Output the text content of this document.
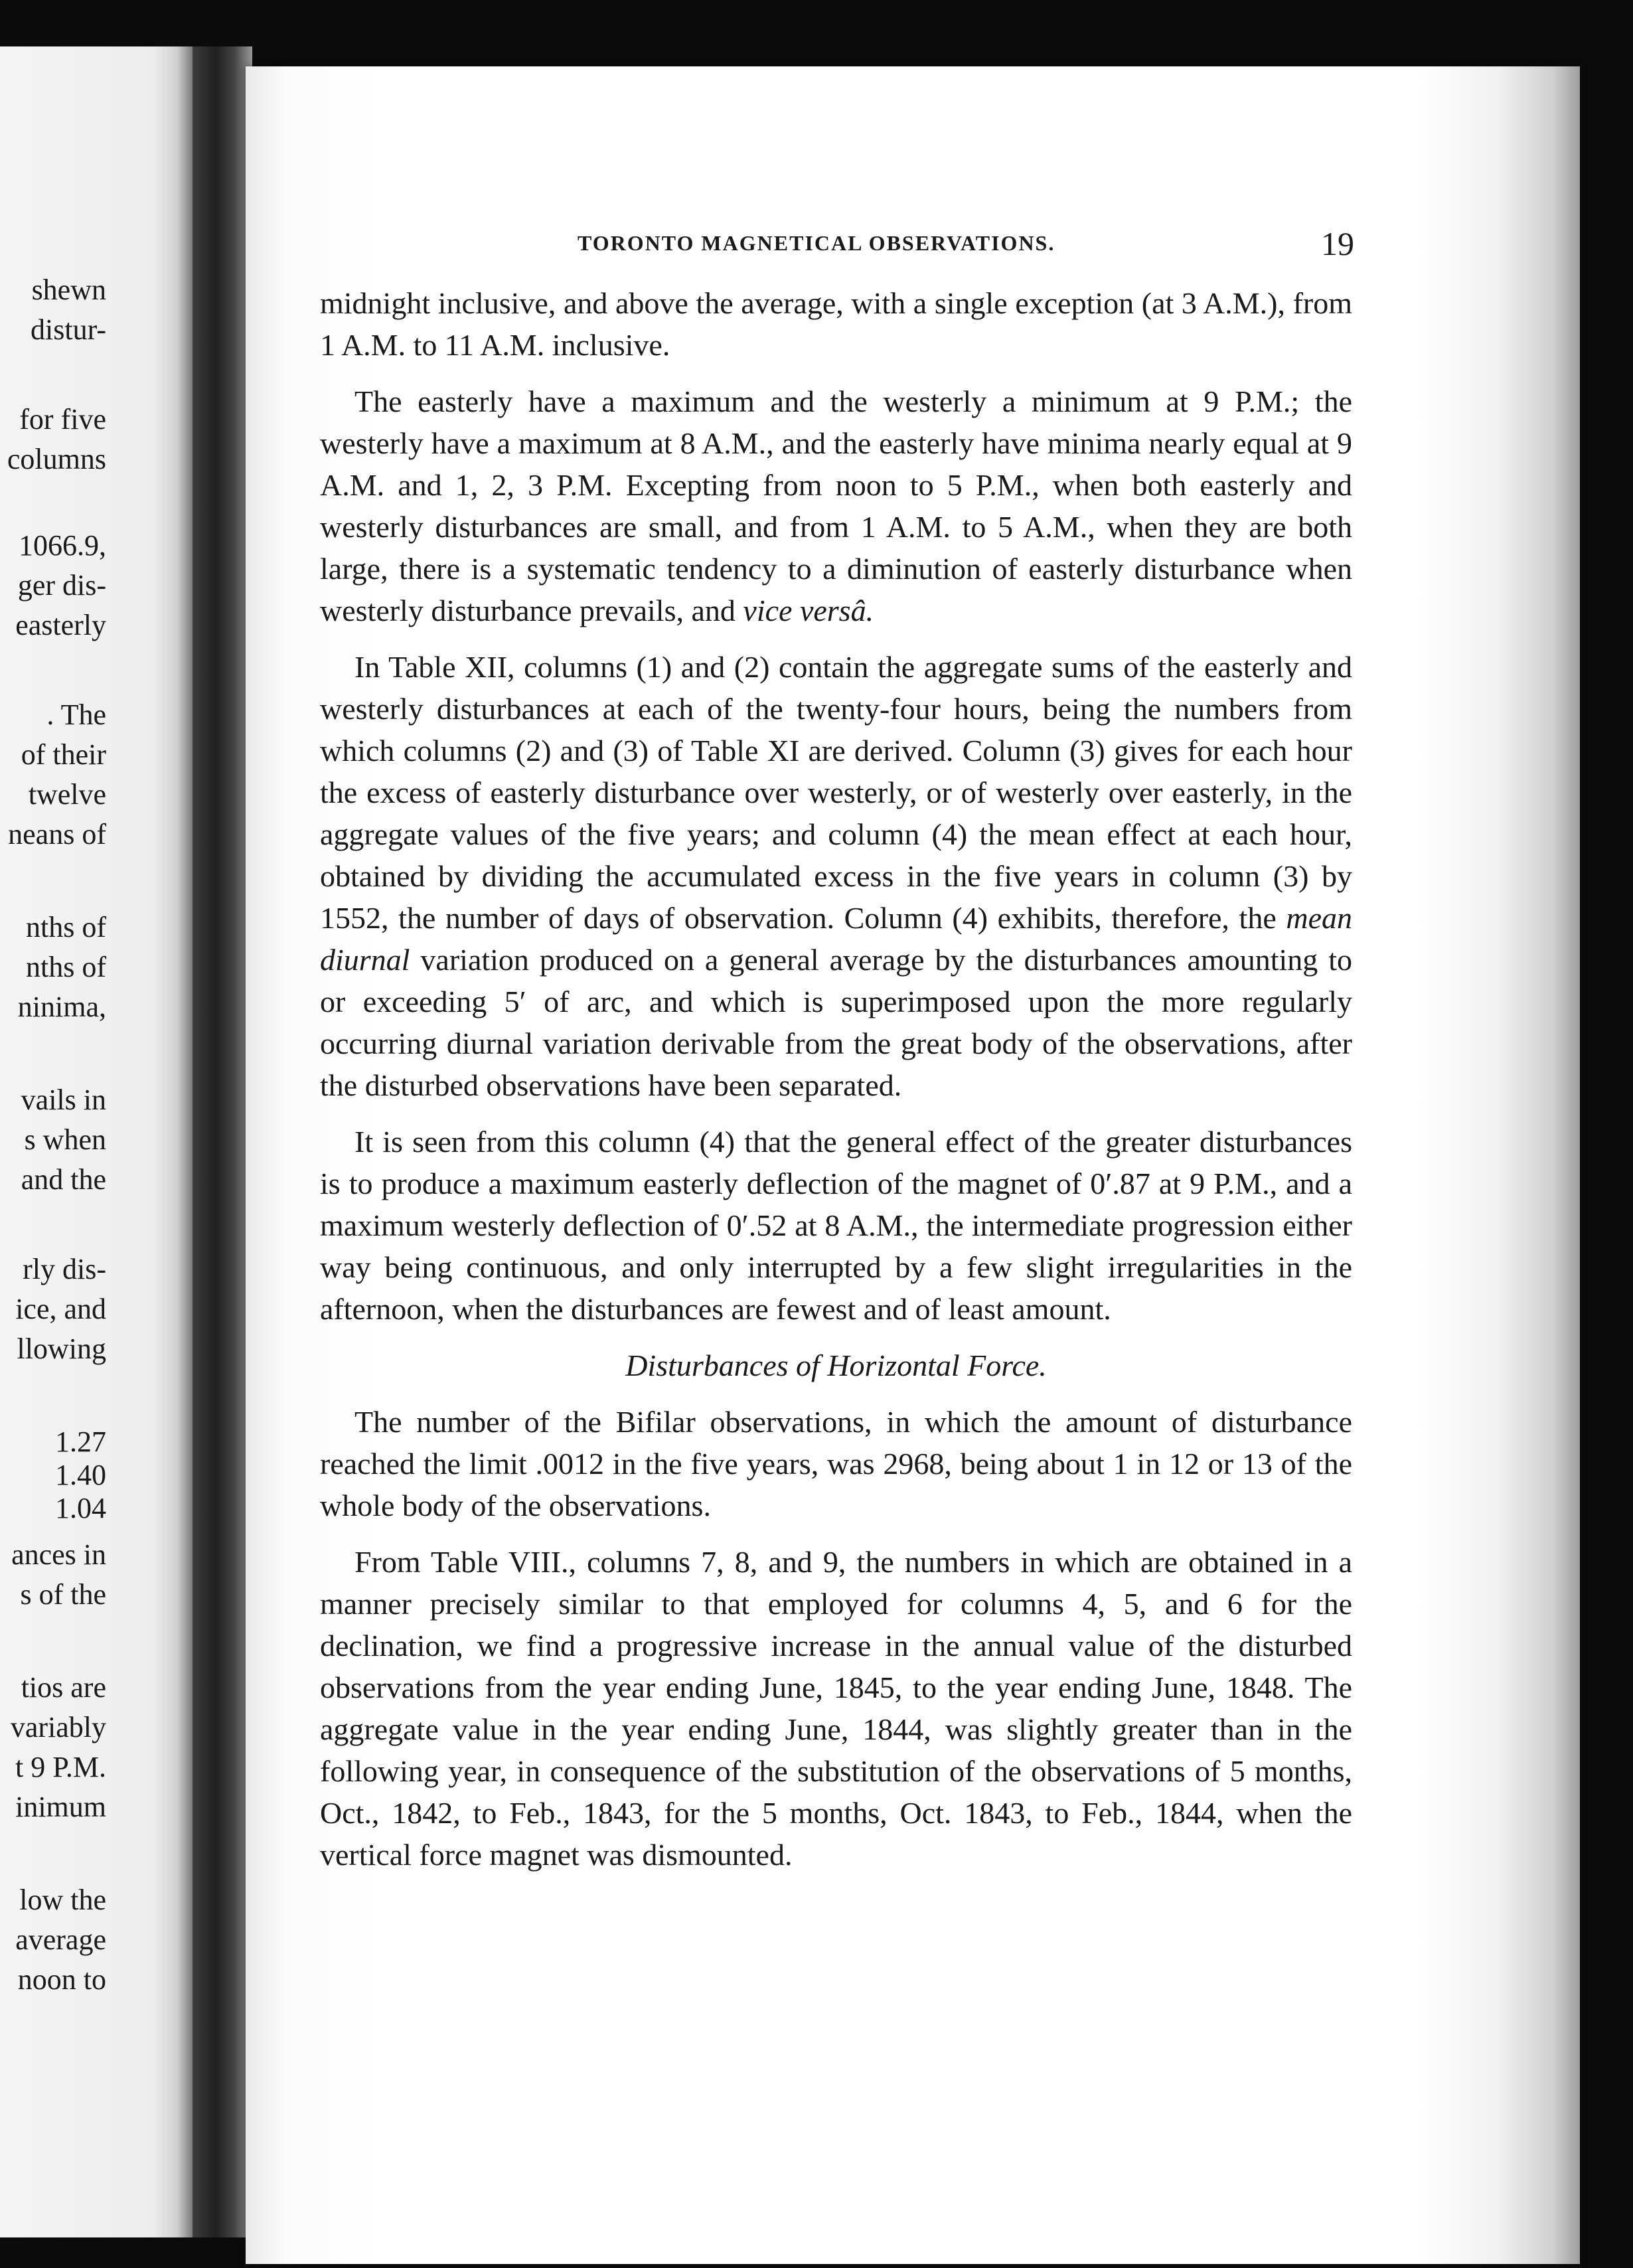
shewn
distur-
for five
columns
1066.9,
ger dis-
easterly
. The
of their
twelve
neans of
nths of
nths of
ninima,
vails in
s when
and the
rly dis-
ice, and
llowing
1.27
1.40
1.04
ances in
s of the
tios are
variably
t 9 P.M.
inimum
low the
average
noon to
TORONTO MAGNETICAL OBSERVATIONS.	19

midnight inclusive, and above the average, with a single exception (at 3 A.M.), from 1 A.M. to 11 A.M. inclusive.

The easterly have a maximum and the westerly a minimum at 9 P.M.; the westerly have a maximum at 8 A.M., and the easterly have minima nearly equal at 9 A.M. and 1, 2, 3 P.M. Excepting from noon to 5 P.M., when both easterly and westerly disturbances are small, and from 1 A.M. to 5 A.M., when they are both large, there is a systematic tendency to a diminution of easterly disturbance when westerly disturbance prevails, and vice versâ.

In Table XII, columns (1) and (2) contain the aggregate sums of the easterly and westerly disturbances at each of the twenty-four hours, being the numbers from which columns (2) and (3) of Table XI are derived. Column (3) gives for each hour the excess of easterly disturbance over westerly, or of westerly over easterly, in the aggregate values of the five years; and column (4) the mean effect at each hour, obtained by dividing the accumulated excess in the five years in column (3) by 1552, the number of days of observation. Column (4) exhibits, therefore, the mean diurnal variation produced on a general average by the disturbances amounting to or exceeding 5′ of arc, and which is superimposed upon the more regularly occurring diurnal variation derivable from the great body of the observations, after the disturbed observations have been separated.

It is seen from this column (4) that the general effect of the greater disturbances is to produce a maximum easterly deflection of the magnet of 0′.87 at 9 P.M., and a maximum westerly deflection of 0′.52 at 8 A.M., the intermediate progression either way being continuous, and only interrupted by a few slight irregularities in the afternoon, when the disturbances are fewest and of least amount.

Disturbances of Horizontal Force.

The number of the Bifilar observations, in which the amount of disturbance reached the limit .0012 in the five years, was 2968, being about 1 in 12 or 13 of the whole body of the observations.

From Table VIII., columns 7, 8, and 9, the numbers in which are obtained in a manner precisely similar to that employed for columns 4, 5, and 6 for the declination, we find a progressive increase in the annual value of the disturbed observations from the year ending June, 1845, to the year ending June, 1848. The aggregate value in the year ending June, 1844, was slightly greater than in the following year, in consequence of the substitution of the observations of 5 months, Oct., 1842, to Feb., 1843, for the 5 months, Oct. 1843, to Feb., 1844, when the vertical force magnet was dismounted.
